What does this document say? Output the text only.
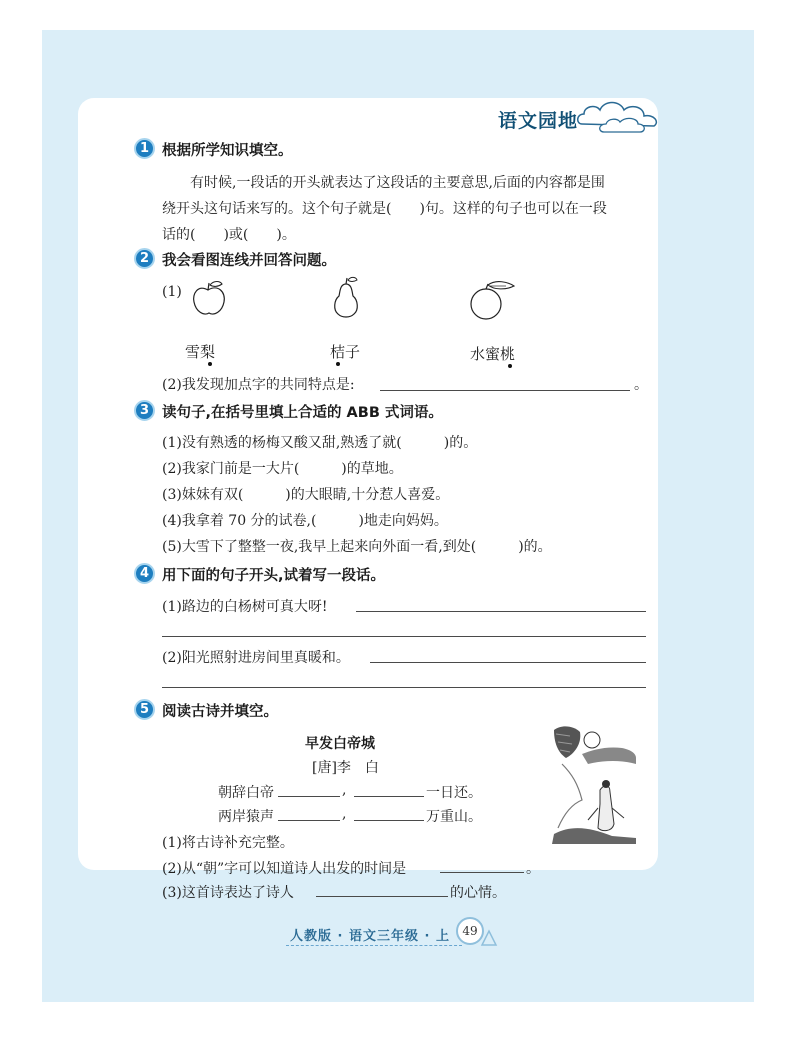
语文园地
1 根据所学知识填空。
有时候,一段话的开头就表达了这段话的主要意思,后面的内容都是围
绕开头这句话来写的。这个句子就是(　　)句。这样的句子也可以在一段
话的(　　)或(　　)。
2 我会看图连线并回答问题。
(1)
雪梨	桔子	水蜜桃
(2)我发现加点字的共同特点是:	。
3 读句子,在括号里填上合适的 ABB 式词语。
(1)没有熟透的杨梅又酸又甜,熟透了就(　　　)的。
(2)我家门前是一大片(　　　)的草地。
(3)妹妹有双(　　　)的大眼睛,十分惹人喜爱。
(4)我拿着 70 分的试卷,(　　　)地走向妈妈。
(5)大雪下了整整一夜,我早上起来向外面一看,到处(　　　)的。
4 用下面的句子开头,试着写一段话。
(1)路边的白杨树可真大呀!
(2)阳光照射进房间里真暖和。
5 阅读古诗并填空。
早发白帝城
[唐]李　白
朝辞白帝	,	一日还。
两岸猿声	,	万重山。
(1)将古诗补充完整。
(2)从“朝”字可以知道诗人出发的时间是	。
(3)这首诗表达了诗人	的心情。
人教版 · 语文三年级 · 上	49
